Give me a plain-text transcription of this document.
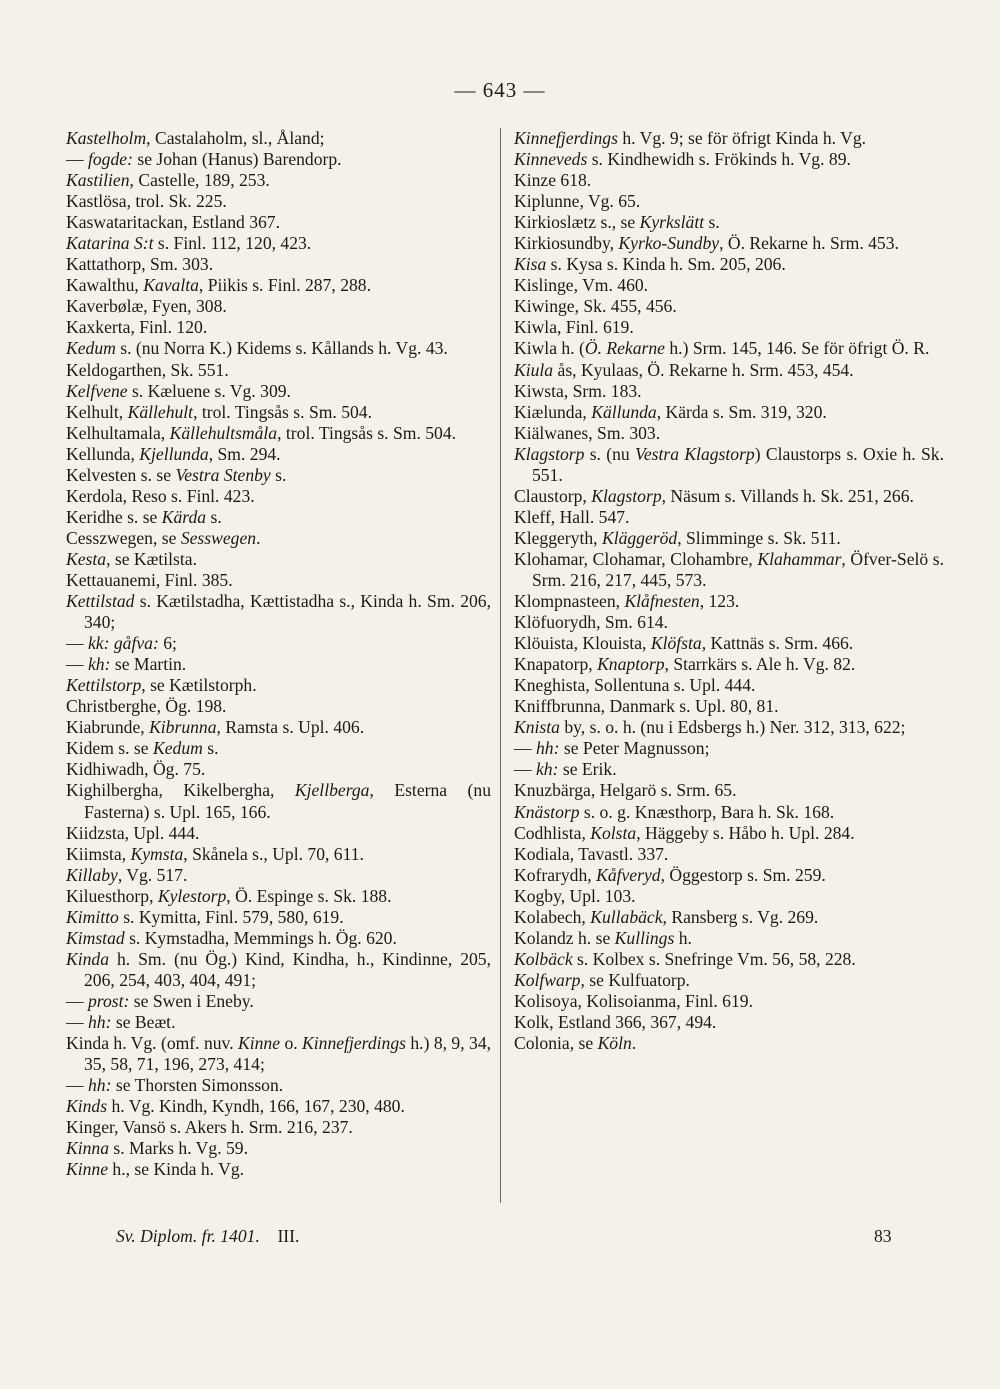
— 643 —

Kastelholm, Castalaholm, sl., Åland;

— fogde: se Johan (Hanus) Barendorp.

Kastilien, Castelle, 189, 253.

Kastlösa, trol. Sk. 225.

Kaswataritackan, Estland 367.

Katarina S:t s. Finl. 112, 120, 423.

Kattathorp, Sm. 303.

Kawalthu, Kavalta, Piikis s. Finl. 287, 288.

Kaverbølæ, Fyen, 308.

Kaxkerta, Finl. 120.

Kedum s. (nu Norra K.) Kidems s. Kållands h. Vg. 43.

Keldogarthen, Sk. 551.

Kelfvene s. Kæluene s. Vg. 309.

Kelhult, Källehult, trol. Tingsås s. Sm. 504.

Kelhultamala, Källehultsmåla, trol. Tingsås s. Sm. 504.

Kellunda, Kjellunda, Sm. 294.

Kelvesten s. se Vestra Stenby s.

Kerdola, Reso s. Finl. 423.

Keridhe s. se Kärda s.

Cesszwegen, se Sesswegen.

Kesta, se Kætilsta.

Kettauanemi, Finl. 385.

Kettilstad s. Kætilstadha, Kættistadha s., Kinda h. Sm. 206, 340;

— kk: gåfva: 6;

— kh: se Martin.

Kettilstorp, se Kætilstorph.

Christberghe, Ög. 198.

Kiabrunde, Kibrunna, Ramsta s. Upl. 406.

Kidem s. se Kedum s.

Kidhiwadh, Ög. 75.

Kighilbergha, Kikelbergha, Kjellberga, Esterna (nu Fasterna) s. Upl. 165, 166.

Kiidzsta, Upl. 444.

Kiimsta, Kymsta, Skånela s., Upl. 70, 611.

Killaby, Vg. 517.

Kiluesthorp, Kylestorp, Ö. Espinge s. Sk. 188.

Kimitto s. Kymitta, Finl. 579, 580, 619.

Kimstad s. Kymstadha, Memmings h. Ög. 620.

Kinda h. Sm. (nu Ög.) Kind, Kindha, h., Kindinne, 205, 206, 254, 403, 404, 491;

— prost: se Swen i Eneby.

— hh: se Beæt.

Kinda h. Vg. (omf. nuv. Kinne o. Kinnefjerdings h.) 8, 9, 34, 35, 58, 71, 196, 273, 414;

— hh: se Thorsten Simonsson.

Kinds h. Vg. Kindh, Kyndh, 166, 167, 230, 480.

Kinger, Vansö s. Akers h. Srm. 216, 237.

Kinna s. Marks h. Vg. 59.

Kinne h., se Kinda h. Vg.

Kinnefjerdings h. Vg. 9; se för öfrigt Kinda h. Vg.

Kinneveds s. Kindhewidh s. Frökinds h. Vg. 89.

Kinze 618.

Kiplunne, Vg. 65.

Kirkioslætz s., se Kyrkslätt s.

Kirkiosundby, Kyrko-Sundby, Ö. Rekarne h. Srm. 453.

Kisa s. Kysa s. Kinda h. Sm. 205, 206.

Kislinge, Vm. 460.

Kiwinge, Sk. 455, 456.

Kiwla, Finl. 619.

Kiwla h. (Ö. Rekarne h.) Srm. 145, 146. Se för öfrigt Ö. R.

Kiula ås, Kyulaas, Ö. Rekarne h. Srm. 453, 454.

Kiwsta, Srm. 183.

Kiælunda, Källunda, Kärda s. Sm. 319, 320.

Kiälwanes, Sm. 303.

Klagstorp s. (nu Vestra Klagstorp) Claustorps s. Oxie h. Sk. 551.

Claustorp, Klagstorp, Näsum s. Villands h. Sk. 251, 266.

Kleff, Hall. 547.

Kleggeryth, Kläggeröd, Slimminge s. Sk. 511.

Klohamar, Clohamar, Clohambre, Klahammar, Öfver-Selö s. Srm. 216, 217, 445, 573.

Klompnasteen, Klåfnesten, 123.

Klöfuorydh, Sm. 614.

Klöuista, Klouista, Klöfsta, Kattnäs s. Srm. 466.

Knapatorp, Knaptorp, Starrkärs s. Ale h. Vg. 82.

Kneghista, Sollentuna s. Upl. 444.

Kniffbrunna, Danmark s. Upl. 80, 81.

Knista by, s. o. h. (nu i Edsbergs h.) Ner. 312, 313, 622;

— hh: se Peter Magnusson;

— kh: se Erik.

Knuzbärga, Helgarö s. Srm. 65.

Knästorp s. o. g. Knæsthorp, Bara h. Sk. 168.

Codhlista, Kolsta, Häggeby s. Håbo h. Upl. 284.

Kodiala, Tavastl. 337.

Kofrarydh, Kåfveryd, Öggestorp s. Sm. 259.

Kogby, Upl. 103.

Kolabech, Kullabäck, Ransberg s. Vg. 269.

Kolandz h. se Kullings h.

Kolbäck s. Kolbex s. Snefringe Vm. 56, 58, 228.

Kolfwarp, se Kulfuatorp.

Kolisoya, Kolisoianma, Finl. 619.

Kolk, Estland 366, 367, 494.

Colonia, se Köln.

Sv. Diplom. fr. 1401. III.	83
